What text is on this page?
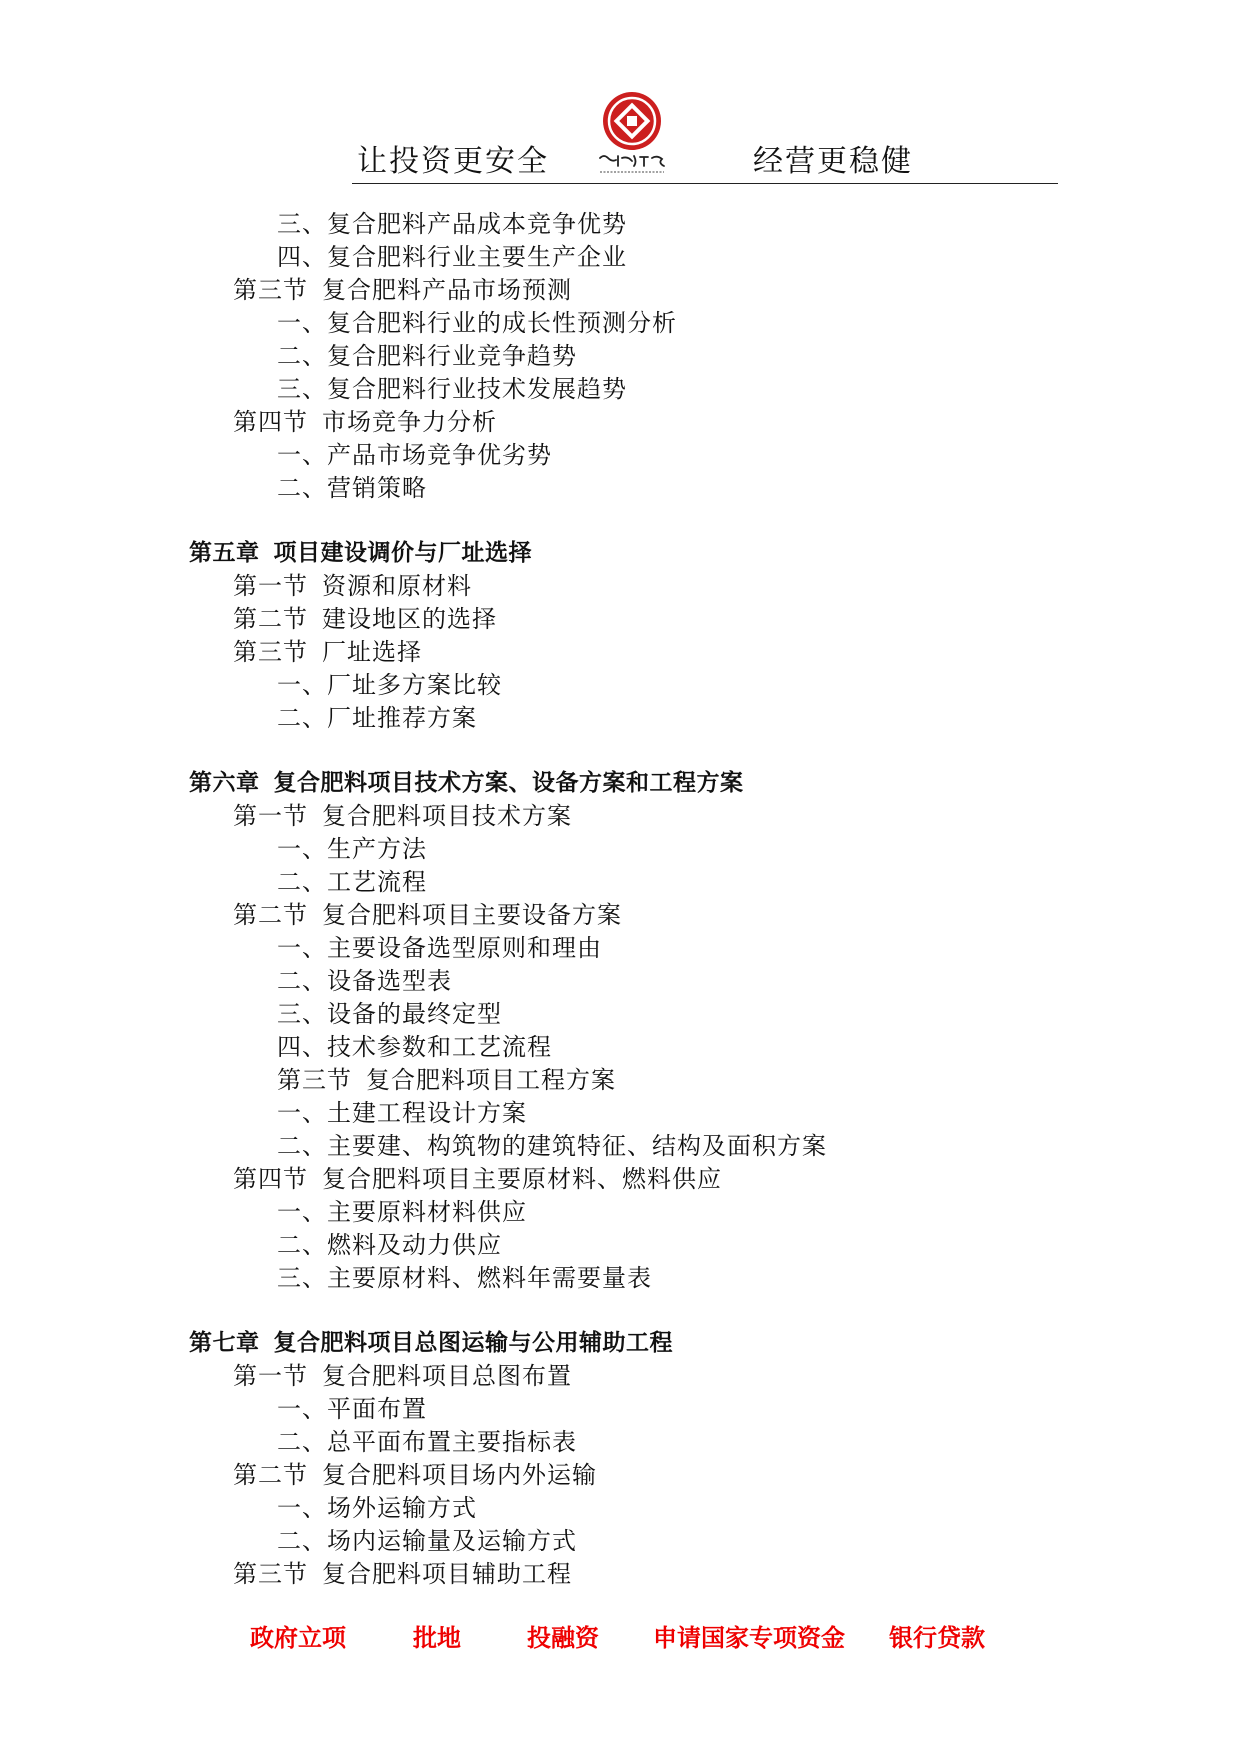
让投资更安全	经营更稳健
三、复合肥料产品成本竞争优势
四、复合肥料行业主要生产企业
第三节 复合肥料产品市场预测
一、复合肥料行业的成长性预测分析
二、复合肥料行业竞争趋势
三、复合肥料行业技术发展趋势
第四节 市场竞争力分析
一、产品市场竞争优劣势
二、营销策略
第五章 项目建设调价与厂址选择
第一节 资源和原材料
第二节 建设地区的选择
第三节 厂址选择
一、厂址多方案比较
二、厂址推荐方案
第六章 复合肥料项目技术方案、设备方案和工程方案
第一节 复合肥料项目技术方案
一、生产方法
二、工艺流程
第二节 复合肥料项目主要设备方案
一、主要设备选型原则和理由
二、设备选型表
三、设备的最终定型
四、技术参数和工艺流程
第三节 复合肥料项目工程方案
一、土建工程设计方案
二、主要建、构筑物的建筑特征、结构及面积方案
第四节 复合肥料项目主要原材料、燃料供应
一、主要原料材料供应
二、燃料及动力供应
三、主要原材料、燃料年需要量表
第七章 复合肥料项目总图运输与公用辅助工程
第一节 复合肥料项目总图布置
一、平面布置
二、总平面布置主要指标表
第二节 复合肥料项目场内外运输
一、场外运输方式
二、场内运输量及运输方式
第三节 复合肥料项目辅助工程
政府立项	批地	投融资 申请国家专项资金 银行贷款
